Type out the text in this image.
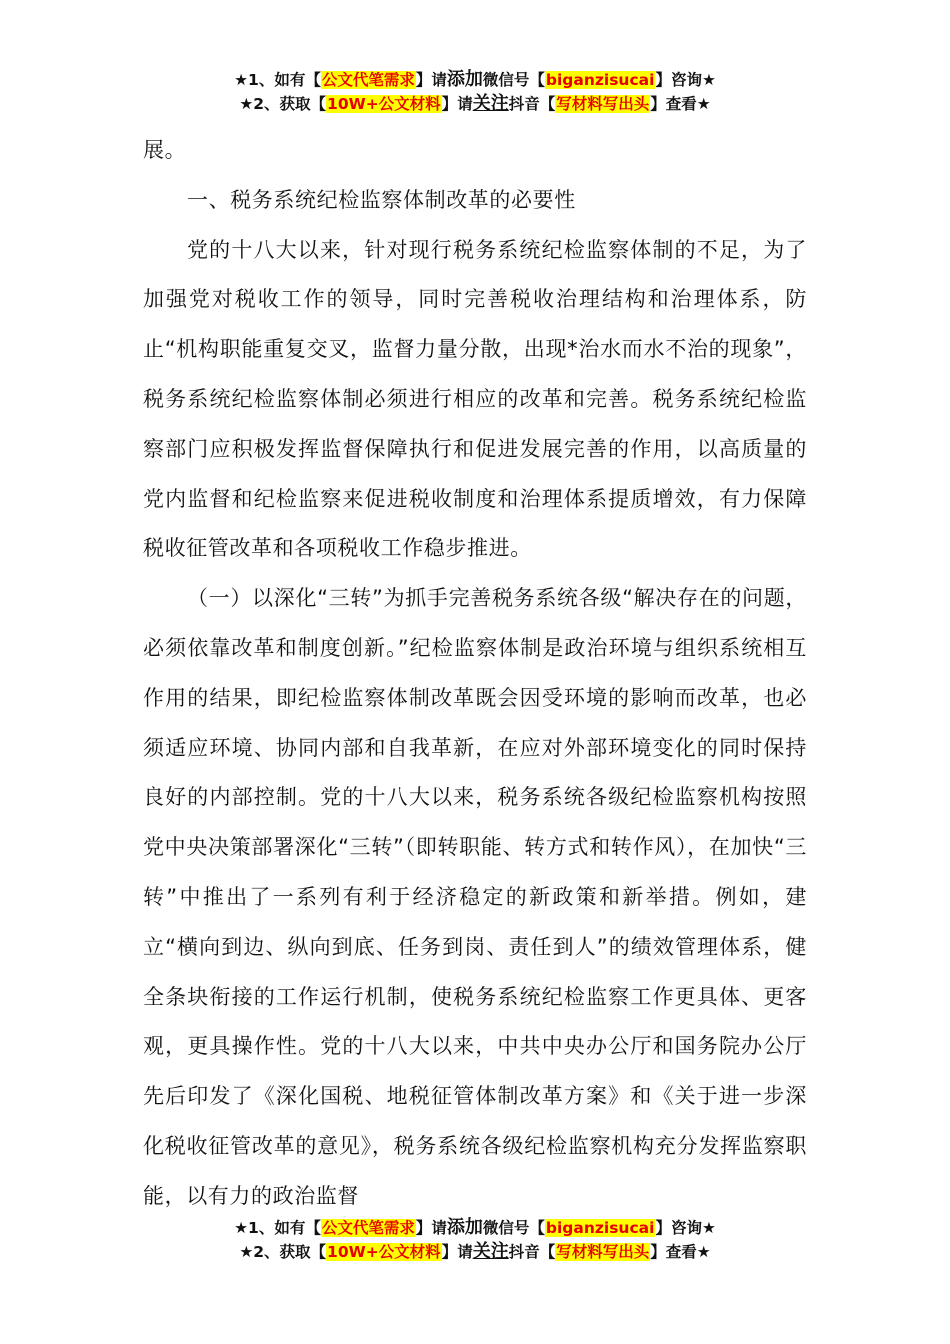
★1、如有【公文代笔需求】请添加微信号【biganzisucai】咨询★
★2、获取【10W+公文材料】请关注抖音【写材料写出头】查看★

展。

一、税务系统纪检监察体制改革的必要性

党的十八大以来，针对现行税务系统纪检监察体制的不足，为了加强党对税收工作的领导，同时完善税收治理结构和治理体系，防止“机构职能重复交叉，监督力量分散，出现*治水而水不治的现象”，税务系统纪检监察体制必须进行相应的改革和完善。税务系统纪检监察部门应积极发挥监督保障执行和促进发展完善的作用，以高质量的党内监督和纪检监察来促进税收制度和治理体系提质增效，有力保障税收征管改革和各项税收工作稳步推进。

（一）以深化“三转”为抓手完善税务系统各级“解决存在的问题，必须依靠改革和制度创新。”纪检监察体制是政治环境与组织系统相互作用的结果，即纪检监察体制改革既会因受环境的影响而改革，也必须适应环境、协同内部和自我革新，在应对外部环境变化的同时保持良好的内部控制。党的十八大以来，税务系统各级纪检监察机构按照党中央决策部署深化“三转”（即转职能、转方式和转作风），在加快“三转”中推出了一系列有利于经济稳定的新政策和新举措。例如，建立“横向到边、纵向到底、任务到岗、责任到人”的绩效管理体系，健全条块衔接的工作运行机制，使税务系统纪检监察工作更具体、更客观，更具操作性。党的十八大以来，中共中央办公厅和国务院办公厅先后印发了《深化国税、地税征管体制改革方案》和《关于进一步深化税收征管改革的意见》，税务系统各级纪检监察机构充分发挥监察职能，以有力的政治监督

★1、如有【公文代笔需求】请添加微信号【biganzisucai】咨询★
★2、获取【10W+公文材料】请关注抖音【写材料写出头】查看★
